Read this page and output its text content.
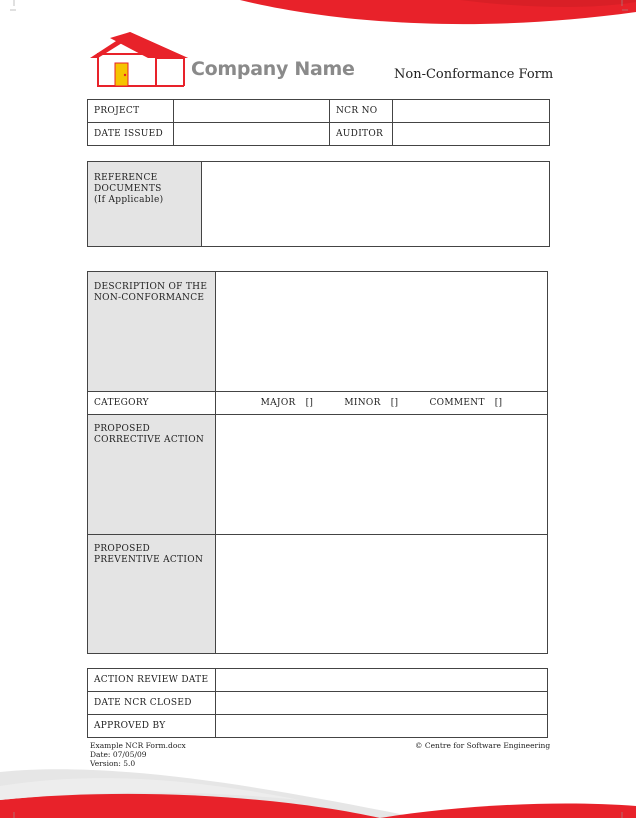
Company Name	Non-Conformance Form
PROJECT		NCR NO	
DATE ISSUED		AUDITOR	
REFERENCE
DOCUMENTS
(If Applicable)

DESCRIPTION OF THE
NON-CONFORMANCE	

CATEGORY	MAJOR [] MINOR [] COMMENT []

PROPOSED
CORRECTIVE ACTION	

PROPOSED
PREVENTIVE ACTION	

ACTION REVIEW DATE	
DATE NCR CLOSED	
APPROVED BY	
Example NCR Form.docx
Date: 07/05/09
Version: 5.0
© Centre for Software Engineering
